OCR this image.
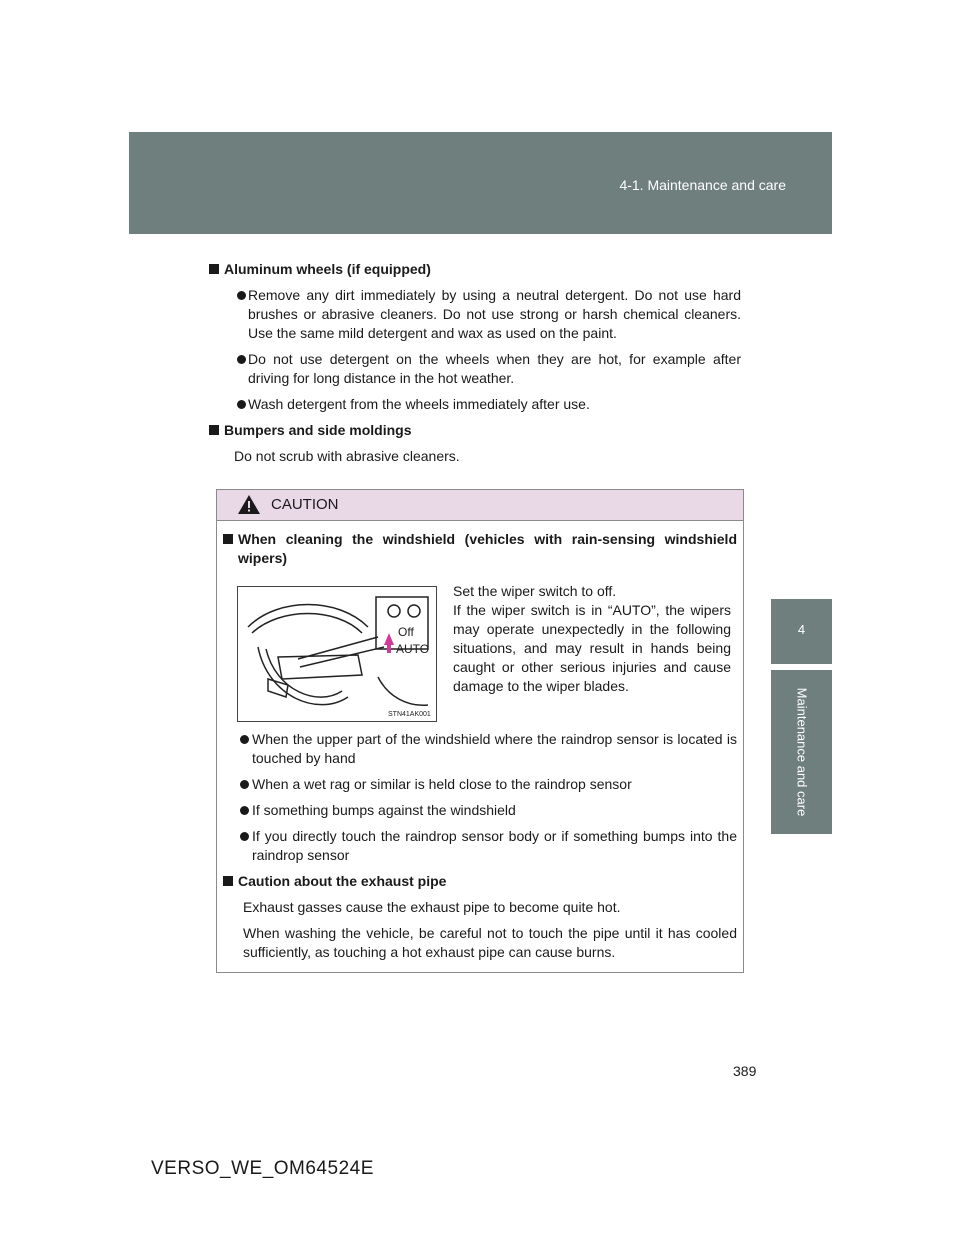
4-1. Maintenance and care
4
Maintenance and care
Aluminum wheels (if equipped)
Remove any dirt immediately by using a neutral detergent. Do not use hard brushes or abrasive cleaners. Do not use strong or harsh chemical cleaners. Use the same mild detergent and wax as used on the paint.
Do not use detergent on the wheels when they are hot, for example after driving for long distance in the hot weather.
Wash detergent from the wheels immediately after use.
Bumpers and side moldings
Do not scrub with abrasive cleaners.
CAUTION
When cleaning the windshield (vehicles with rain-sensing windshield wipers)
Off
AUTO
STN41AK001
Set the wiper switch to off.
If the wiper switch is in “AUTO”, the wipers may operate unexpectedly in the following situations, and may result in hands being caught or other serious injuries and cause damage to the wiper blades.
When the upper part of the windshield where the raindrop sensor is located is touched by hand
When a wet rag or similar is held close to the raindrop sensor
If something bumps against the windshield
If you directly touch the raindrop sensor body or if something bumps into the raindrop sensor
Caution about the exhaust pipe
Exhaust gasses cause the exhaust pipe to become quite hot.
When washing the vehicle, be careful not to touch the pipe until it has cooled sufficiently, as touching a hot exhaust pipe can cause burns.
389
VERSO_WE_OM64524E
